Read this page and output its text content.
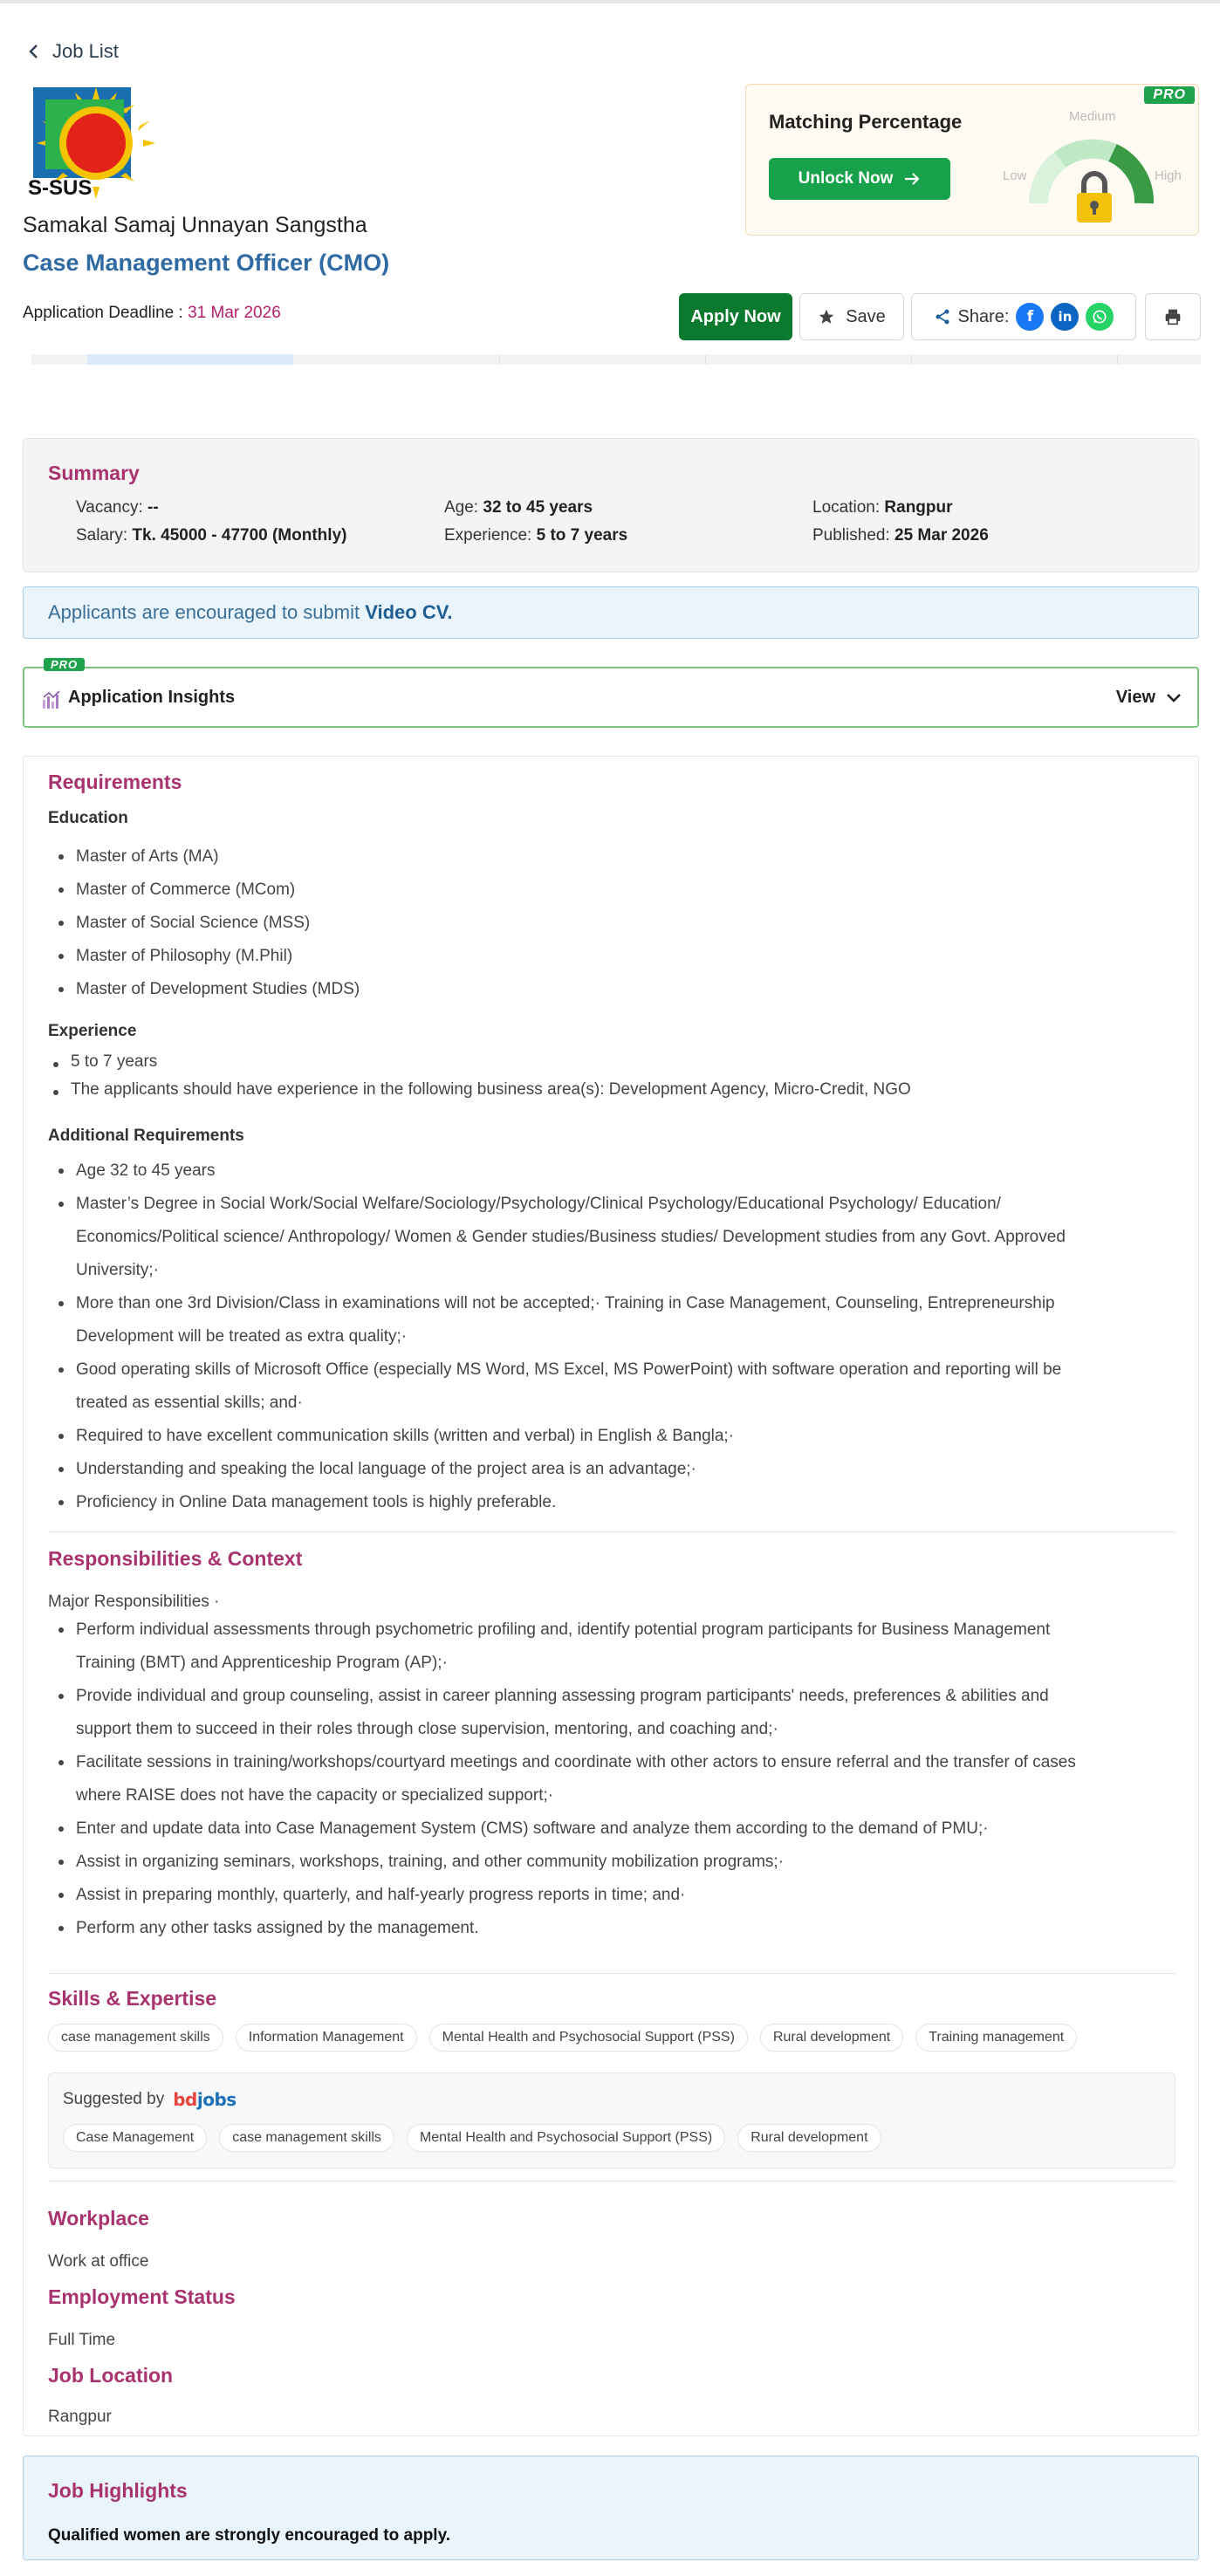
Job List
S-SUS
Samakal Samaj Unnayan Sangstha
Case Management Officer (CMO)
Application Deadline : 31 Mar 2026
PRO
Matching Percentage
Unlock Now	Low
Medium
High
Apply Now	Save	Share:	f	in
Summary
Vacancy: --
Salary: Tk. 45000 - 47700 (Monthly)
Age: 32 to 45 years
Experience: 5 to 7 years
Location: Rangpur
Published: 25 Mar 2026
Applicants are encouraged to submit Video CV.
PRO
Application Insights	View
Requirements
Education
Master of Arts (MA)
Master of Commerce (MCom)
Master of Social Science (MSS)
Master of Philosophy (M.Phil)
Master of Development Studies (MDS)
Experience
5 to 7 years
The applicants should have experience in the following business area(s): Development Agency, Micro-Credit, NGO
Additional Requirements
Age 32 to 45 years
Master’s Degree in Social Work/Social Welfare/Sociology/Psychology/Clinical Psychology/Educational Psychology/ Education/
Economics/Political science/ Anthropology/ Women & Gender studies/Business studies/ Development studies from any Govt. Approved
University;·
More than one 3rd Division/Class in examinations will not be accepted;· Training in Case Management, Counseling, Entrepreneurship
Development will be treated as extra quality;·
Good operating skills of Microsoft Office (especially MS Word, MS Excel, MS PowerPoint) with software operation and reporting will be
treated as essential skills; and·
Required to have excellent communication skills (written and verbal) in English & Bangla;·
Understanding and speaking the local language of the project area is an advantage;·
Proficiency in Online Data management tools is highly preferable.
Responsibilities & Context
Major Responsibilities ·
Perform individual assessments through psychometric profiling and, identify potential program participants for Business Management
Training (BMT) and Apprenticeship Program (AP);·
Provide individual and group counseling, assist in career planning assessing program participants' needs, preferences & abilities and
support them to succeed in their roles through close supervision, mentoring, and coaching and;·
Facilitate sessions in training/workshops/courtyard meetings and coordinate with other actors to ensure referral and the transfer of cases
where RAISE does not have the capacity or specialized support;·
Enter and update data into Case Management System (CMS) software and analyze them according to the demand of PMU;·
Assist in organizing seminars, workshops, training, and other community mobilization programs;·
Assist in preparing monthly, quarterly, and half-yearly progress reports in time; and·
Perform any other tasks assigned by the management.
Skills & Expertise
case management skills	Information Management	Mental Health and Psychosocial Support (PSS)	Rural development	Training management
Suggested by bdjobs
Case Management	case management skills	Mental Health and Psychosocial Support (PSS)	Rural development
Workplace
Work at office
Employment Status
Full Time
Job Location
Rangpur
Job Highlights
Qualified women are strongly encouraged to apply.
